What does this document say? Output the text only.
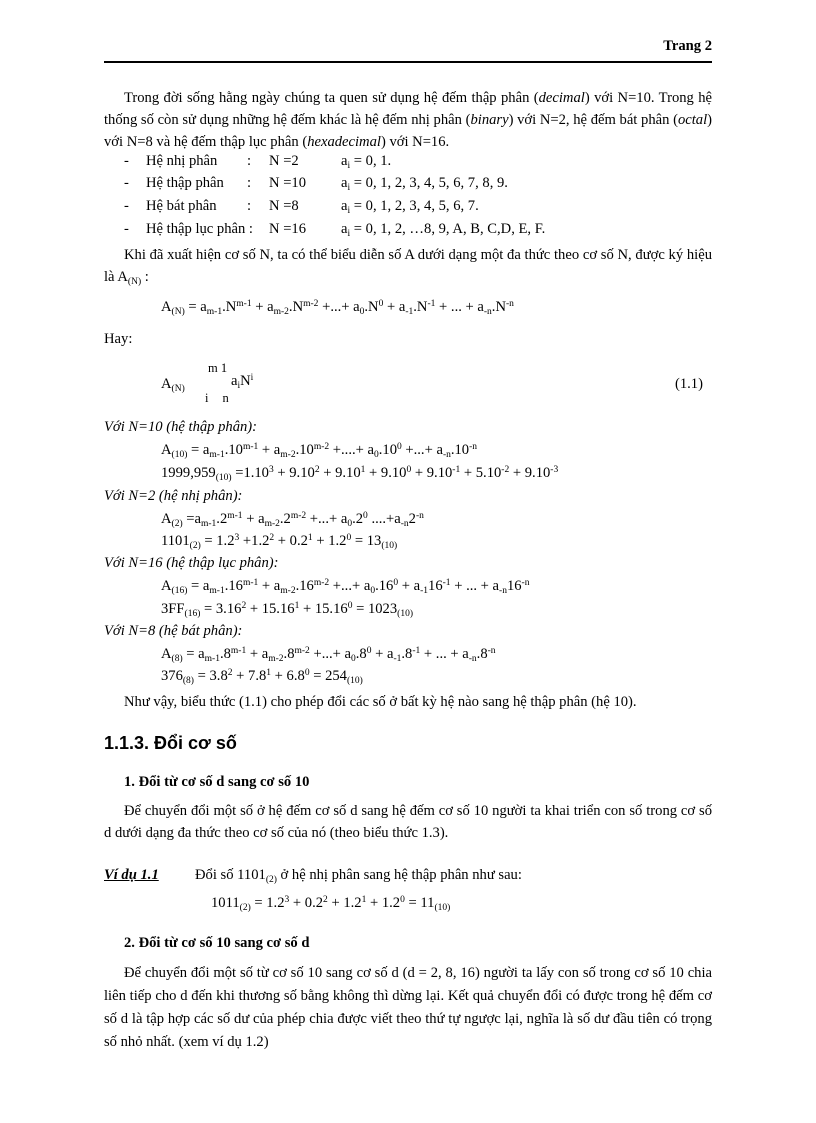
Trang 2
Trong đời sống hằng ngày chúng ta quen sử dụng hệ đếm thập phân (decimal) với N=10. Trong hệ thống số còn sử dụng những hệ đếm khác là hệ đếm nhị phân (binary) với N=2, hệ đếm bát phân (octal) với N=8 và hệ đếm thập lục phân (hexadecimal) với N=16.
- Hệ nhị phân : N =2	$a_i = 0$, 1.
- Hệ thập phân : N =10 $a_i = 0$, 1, 2, 3, 4, 5, 6, 7, 8, 9.
- Hệ bát phân : N =8	$a_i = 0$, 1, 2, 3, 4, 5, 6, 7.
- Hệ thập lục phân : N =16 $a_i = 0$, 1, 2, …8, 9, A, B, C,D, E, F.
Khi đã xuất hiện cơ số N, ta có thể biểu diễn số A dưới dạng một đa thức theo cơ số N, được ký hiệu là $A_{(N)}$ :
$A_{(N)} = a_{m-1}.N^{m-1} + a_{m-2}.N^{m-2}$ +...+ $a_0.N^0 + a_{-1}.N^{-1}$ + ... + $a_{-n}.N^{-n}$
Hay:
m 1
$A_{(N)}$	$a_iN^i$
i n
(1.1)
Với N=10 (hệ thập phân):
$A_{(10)} = a_{m-1}.10^{m-1} + a_{m-2}.10^{m-2}$ +....+ $a_0.10^0$ +...+ $a_{-n}.10^{-n}$
$1999,959_{(10)} =1.10^3 + 9.10^2 + 9.10^1 + 9.10^0 + 9.10^{-1} + 5.10^{-2} + 9.10^{-3}$
Với N=2 (hệ nhị phân):
$A_{(2)} =a_{m-1}.2^{m-1} + a_{m-2}.2^{m-2}$ +...+ $a_0.2^0$ $....+a_{-n}2^{-n}$
$1101_{(2)} = 1.2^3 +1.2^2 + 0.2^1 + 1.2^0 = 13_{(10)}$
Với N=16 (hệ thập lục phân):
$A_{(16)} = a_{m-1}.16^{m-1} + a_{m-2}.16^{m-2}$ +...+ $a_0.16^0 + a_{-1}16^{-1}$ + ... + $a_{-n}16^{-n}$
$3FF_{(16)} = 3.16^2 + 15.16^1 + 15.16^0 = 1023_{(10)}$
Với N=8 (hệ bát phân):
$A_{(8)} = a_{m-1}.8^{m-1} + a_{m-2}.8^{m-2}$ +...+ $a_0.8^0 + a_{-1}.8^{-1}$ + ... + $a_{-n}.8^{-n}$
$376_{(8)} = 3.8^2 + 7.8^1 + 6.8^0 = 254_{(10)}$
Như vậy, biểu thức (1.1) cho phép đổi các số ở bất kỳ hệ nào sang hệ thập phân (hệ 10).
1.1.3. Đổi cơ số
1. Đổi từ cơ số d sang cơ số 10
Để chuyển đổi một số ở hệ đếm cơ số d sang hệ đếm cơ số 10 người ta khai triển con số trong cơ số d dưới dạng đa thức theo cơ số của nó (theo biểu thức 1.3).
Ví dụ 1.1 Đổi số $1101_{(2)}$ ở hệ nhị phân sang hệ thập phân như sau:
$1011_{(2)} = 1.2^3 + 0.2^2 + 1.2^1 + 1.2^0 = 11_{(10)}$
2. Đổi từ cơ số 10 sang cơ số d
Để chuyển đổi một số từ cơ số 10 sang cơ số d (d = 2, 8, 16) người ta lấy con số trong cơ số 10 chia liên tiếp cho d đến khi thương số bằng không thì dừng lại. Kết quả chuyển đổi có được trong hệ đếm cơ số d là tập hợp các số dư của phép chia được viết theo thứ tự ngược lại, nghĩa là số dư đầu tiên có trọng số nhỏ nhất. (xem ví dụ 1.2)
